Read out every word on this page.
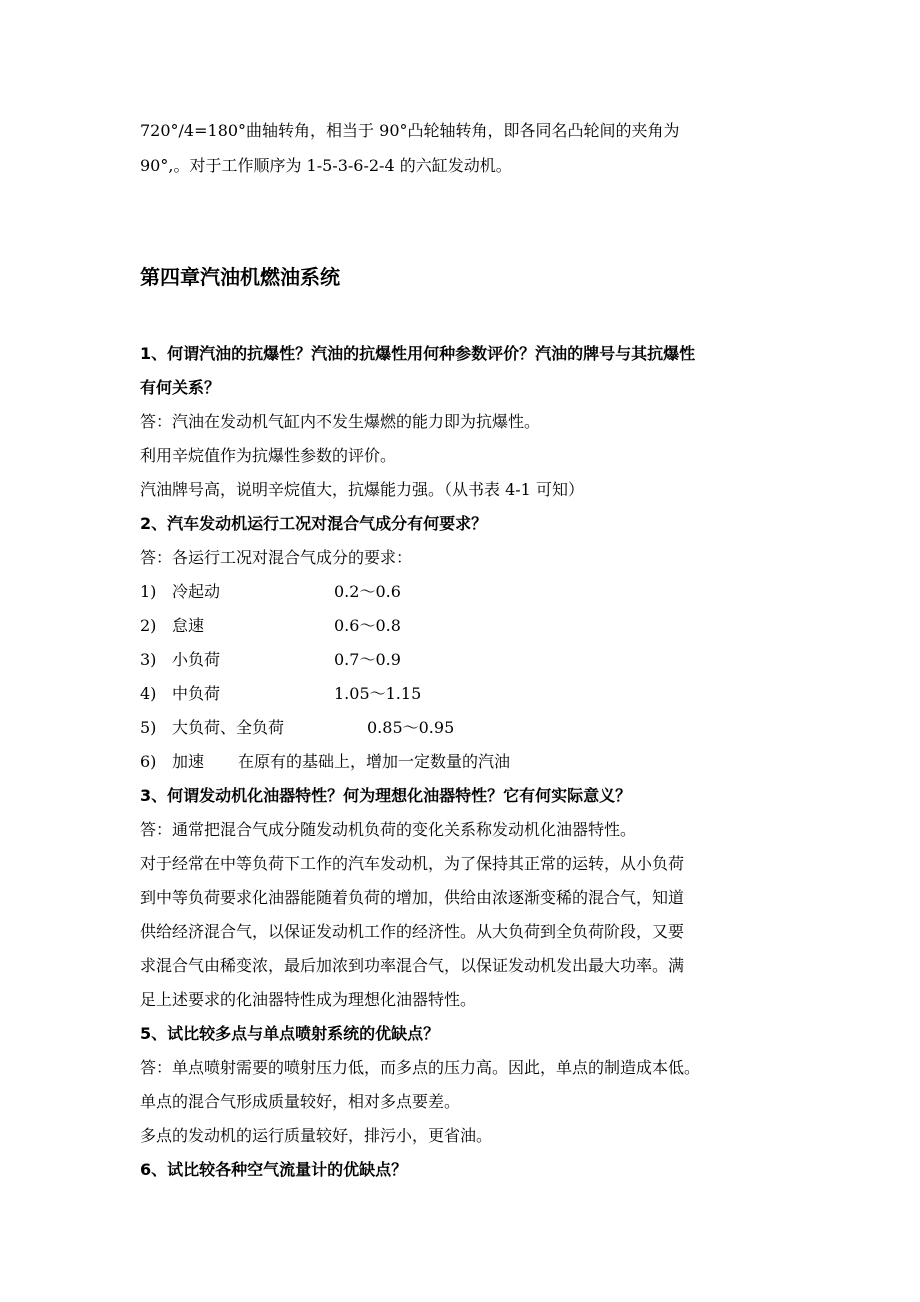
720°/4=180°曲轴转角，相当于 90°凸轮轴转角，即各同名凸轮间的夹角为
90°,。对于工作顺序为 1-5-3-6-2-4 的六缸发动机。
第四章汽油机燃油系统
1、何谓汽油的抗爆性？汽油的抗爆性用何种参数评价？汽油的牌号与其抗爆性
有何关系？
答：汽油在发动机气缸内不发生爆燃的能力即为抗爆性。
利用辛烷值作为抗爆性参数的评价。
汽油牌号高，说明辛烷值大，抗爆能力强。（从书表 4-1 可知）
2、汽车发动机运行工况对混合气成分有何要求？
答：各运行工况对混合气成分的要求：
1) 冷起动	0.2～0.6
2) 怠速	0.6～0.8
3) 小负荷	0.7～0.9
4) 中负荷	1.05～1.15
5) 大负荷、全负荷	0.85～0.95
6) 加速 在原有的基础上，增加一定数量的汽油
3、何谓发动机化油器特性？何为理想化油器特性？它有何实际意义？
答：通常把混合气成分随发动机负荷的变化关系称发动机化油器特性。
对于经常在中等负荷下工作的汽车发动机，为了保持其正常的运转，从小负荷
到中等负荷要求化油器能随着负荷的增加，供给由浓逐渐变稀的混合气，知道
供给经济混合气，以保证发动机工作的经济性。从大负荷到全负荷阶段，又要
求混合气由稀变浓，最后加浓到功率混合气，以保证发动机发出最大功率。满
足上述要求的化油器特性成为理想化油器特性。
5、试比较多点与单点喷射系统的优缺点？
答：单点喷射需要的喷射压力低，而多点的压力高。因此，单点的制造成本低。
单点的混合气形成质量较好，相对多点要差。
多点的发动机的运行质量较好，排污小，更省油。
6、试比较各种空气流量计的优缺点？
